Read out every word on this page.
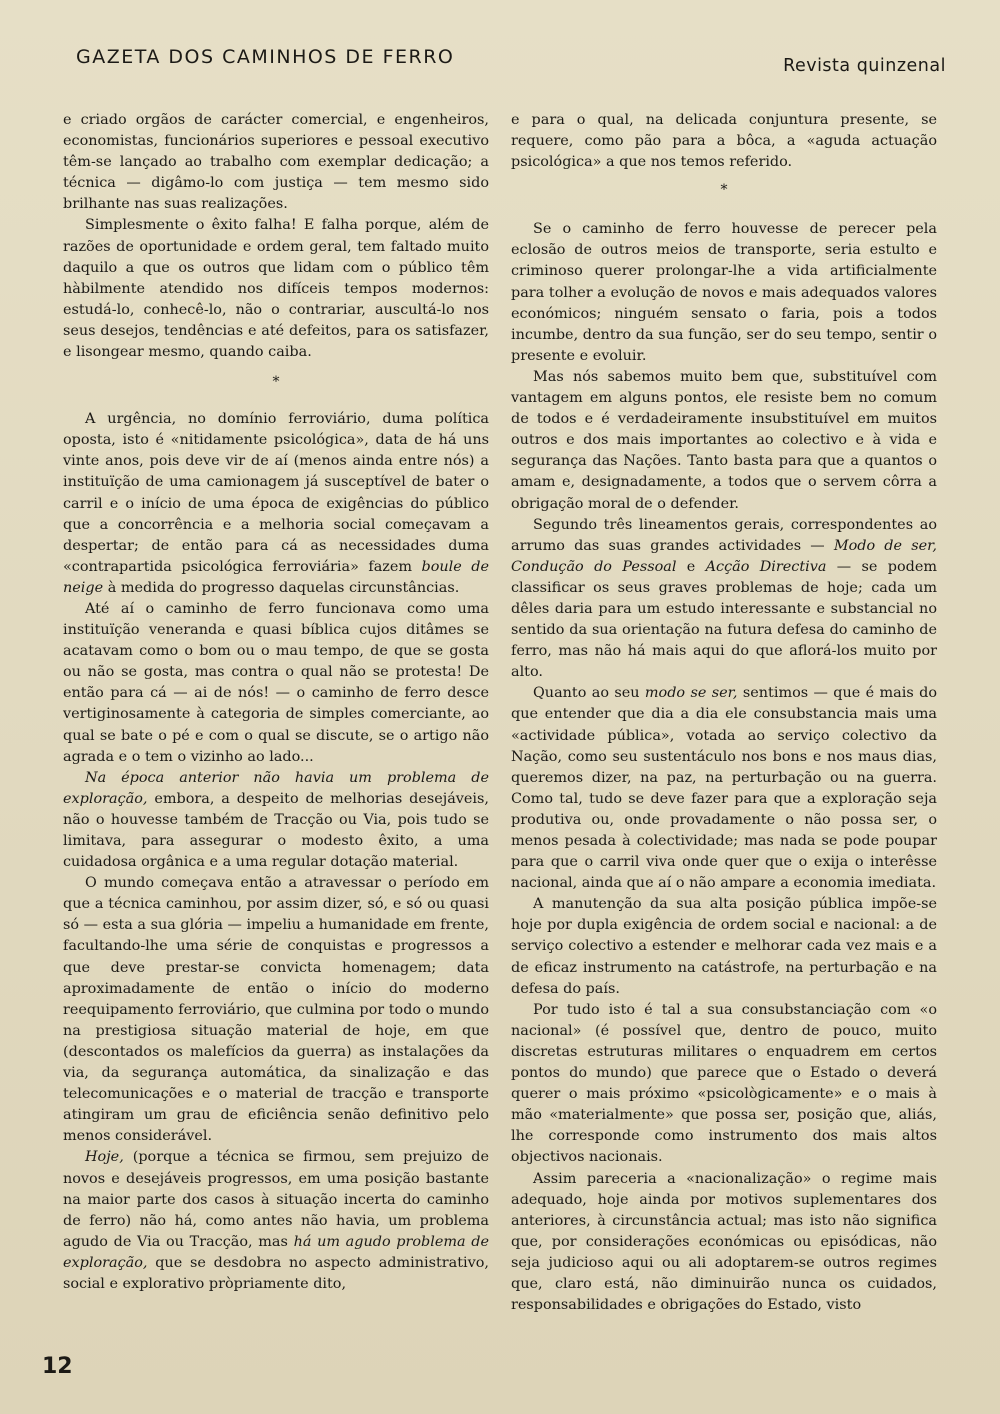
GAZETA DOS CAMINHOS DE FERRO	Revista quinzenal

e criado orgãos de carácter comercial, e engenheiros, economistas, funcionários superiores e pessoal executivo têm-se lançado ao trabalho com exemplar dedicação; a técnica — digâmo-lo com justiça — tem mesmo sido brilhante nas suas realizações.

Simplesmente o êxito falha! E falha porque, além de razões de oportunidade e ordem geral, tem faltado muito daquilo a que os outros que lidam com o público têm hàbilmente atendido nos difíceis tempos modernos: estudá-lo, conhecê-lo, não o contrariar, auscultá-lo nos seus desejos, tendências e até defeitos, para os satisfazer, e lisongear mesmo, quando caiba.

*

A urgência, no domínio ferroviário, duma política oposta, isto é «nitidamente psicológica», data de há uns vinte anos, pois deve vir de aí (menos ainda entre nós) a instituïção de uma camionagem já susceptível de bater o carril e o início de uma época de exigências do público que a concorrência e a melhoria social começavam a despertar; de então para cá as necessidades duma «contrapartida psicológica ferroviária» fazem boule de neige à medida do progresso daquelas circunstâncias.

Até aí o caminho de ferro funcionava como uma instituïção veneranda e quasi bíblica cujos ditâmes se acatavam como o bom ou o mau tempo, de que se gosta ou não se gosta, mas contra o qual não se protesta! De então para cá — ai de nós! — o caminho de ferro desce vertiginosamente à categoria de simples comerciante, ao qual se bate o pé e com o qual se discute, se o artigo não agrada e o tem o vizinho ao lado...

Na época anterior não havia um problema de exploração, embora, a despeito de melhorias desejáveis, não o houvesse também de Tracção ou Via, pois tudo se limitava, para assegurar o modesto êxito, a uma cuidadosa orgânica e a uma regular dotação material.

O mundo começava então a atravessar o período em que a técnica caminhou, por assim dizer, só, e só ou quasi só — esta a sua glória — impeliu a humanidade em frente, facultando-lhe uma série de conquistas e progressos a que deve prestar-se convicta homenagem; data aproximadamente de então o início do moderno reequipamento ferroviário, que culmina por todo o mundo na prestigiosa situação material de hoje, em que (descontados os malefícios da guerra) as instalações da via, da segurança automática, da sinalização e das telecomunicações e o material de tracção e transporte atingiram um grau de eficiência senão definitivo pelo menos considerável.

Hoje, (porque a técnica se firmou, sem prejuizo de novos e desejáveis progressos, em uma posição bastante na maior parte dos casos à situação incerta do caminho de ferro) não há, como antes não havia, um problema agudo de Via ou Tracção, mas há um agudo problema de exploração, que se desdobra no aspecto administrativo, social e explorativo pròpriamente dito,

e para o qual, na delicada conjuntura presente, se requere, como pão para a bôca, a «aguda actuação psicológica» a que nos temos referido.

*

Se o caminho de ferro houvesse de perecer pela eclosão de outros meios de transporte, seria estulto e criminoso querer prolongar-lhe a vida artificialmente para tolher a evolução de novos e mais adequados valores económicos; ninguém sensato o faria, pois a todos incumbe, dentro da sua função, ser do seu tempo, sentir o presente e evoluir.

Mas nós sabemos muito bem que, substituível com vantagem em alguns pontos, ele resiste bem no comum de todos e é verdadeiramente insubstituível em muitos outros e dos mais importantes ao colectivo e à vida e segurança das Nações. Tanto basta para que a quantos o amam e, designadamente, a todos que o servem côrra a obrigação moral de o defender.

Segundo três lineamentos gerais, correspondentes ao arrumo das suas grandes actividades — Modo de ser, Condução do Pessoal e Acção Directiva — se podem classificar os seus graves problemas de hoje; cada um dêles daria para um estudo interessante e substancial no sentido da sua orientação na futura defesa do caminho de ferro, mas não há mais aqui do que aflorá-los muito por alto.

Quanto ao seu modo se ser, sentimos — que é mais do que entender que dia a dia ele consubstancia mais uma «actividade pública», votada ao serviço colectivo da Nação, como seu sustentáculo nos bons e nos maus dias, queremos dizer, na paz, na perturbação ou na guerra. Como tal, tudo se deve fazer para que a exploração seja produtiva ou, onde provadamente o não possa ser, o menos pesada à colectividade; mas nada se pode poupar para que o carril viva onde quer que o exija o interêsse nacional, ainda que aí o não ampare a economia imediata.

A manutenção da sua alta posição pública impõe-se hoje por dupla exigência de ordem social e nacional: a de serviço colectivo a estender e melhorar cada vez mais e a de eficaz instrumento na catástrofe, na perturbação e na defesa do país.

Por tudo isto é tal a sua consubstanciação com «o nacional» (é possível que, dentro de pouco, muito discretas estruturas militares o enquadrem em certos pontos do mundo) que parece que o Estado o deverá querer o mais próximo «psicològicamente» e o mais à mão «materialmente» que possa ser, posição que, aliás, lhe corresponde como instrumento dos mais altos objectivos nacionais.

Assim pareceria a «nacionalização» o regime mais adequado, hoje ainda por motivos suplementares dos anteriores, à circunstância actual; mas isto não significa que, por considerações económicas ou episódicas, não seja judicioso aqui ou ali adoptarem-se outros regimes que, claro está, não diminuirão nunca os cuidados, responsabilidades e obrigações do Estado, visto

12
